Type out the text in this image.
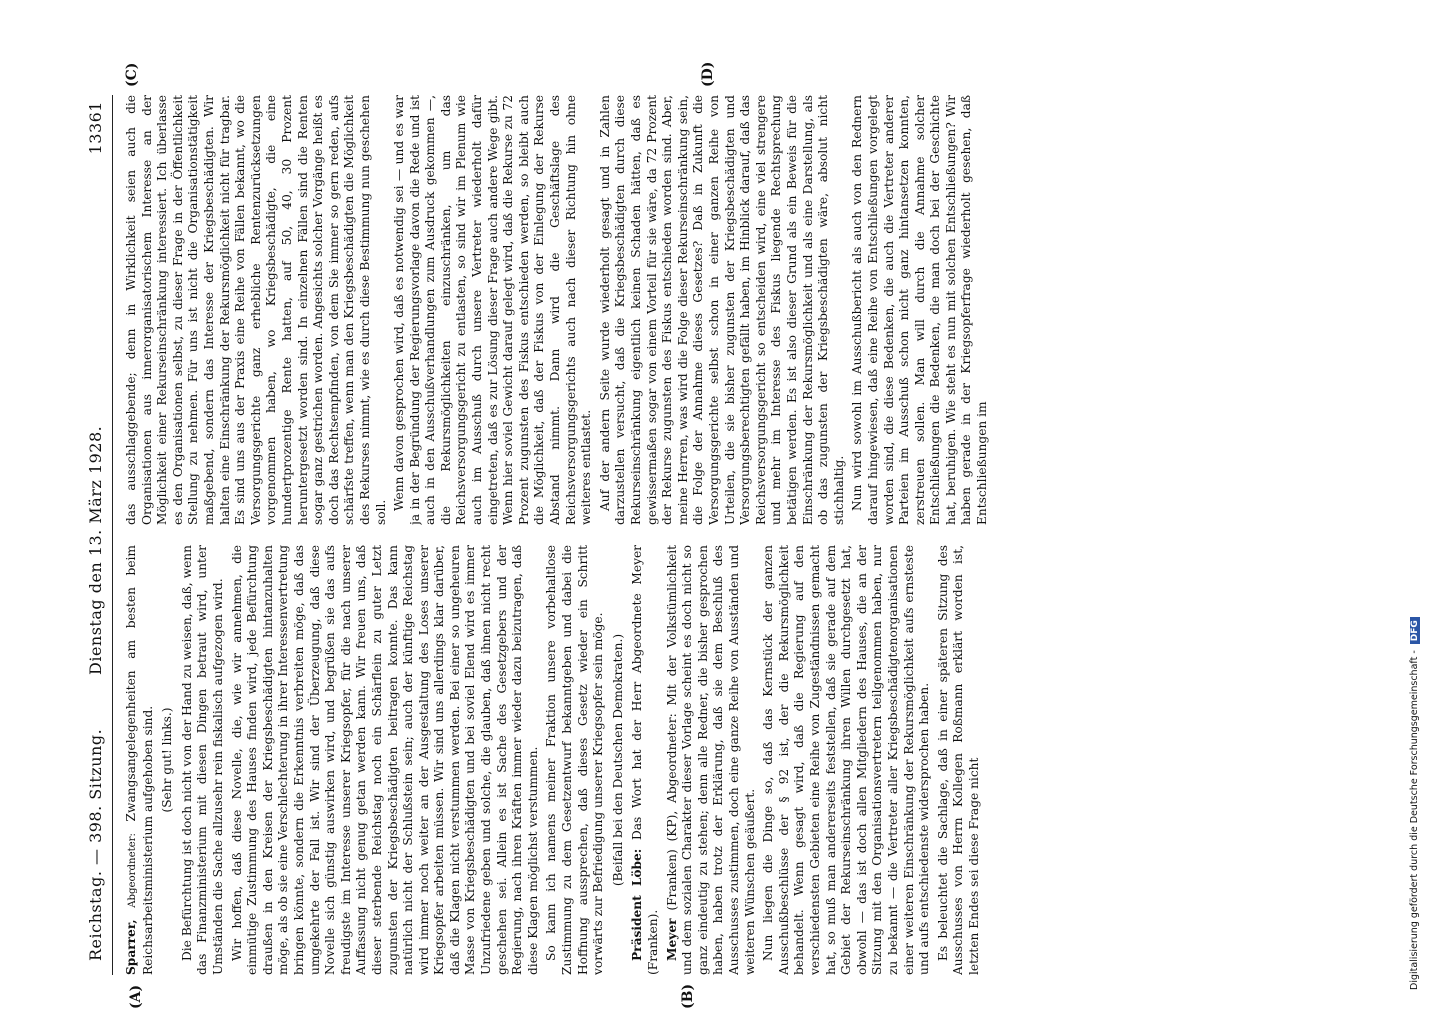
Reichstag. — 398. Sitzung.
Dienstag den 13. März 1928.
13361
(A)	(B)
(C)	(D)

Sparrer, Abgeordneter: Zwangsangelegenheiten am besten beim Reichsarbeitsministerium aufgehoben sind. (Sehr gut! links.) Die Befürchtung ist doch nicht von der Hand zu weisen, daß, wenn das Finanzministerium mit diesen Dingen betraut wird, unter Umständen die Sache allzusehr rein fiskalisch aufgezogen wird. Wir hoffen, daß diese Novelle, die, wie wir annehmen, die einmütige Zustimmung des Hauses finden wird, jede Befürchtung draußen in den Kreisen der Kriegsbeschädigten hintanzuhalten möge, als ob sie eine Verschlechterung in ihrer Interessenvertretung bringen könnte, sondern die Erkenntnis verbreiten möge, daß das umgekehrte der Fall ist. Wir sind der Überzeugung, daß diese Novelle sich günstig auswirken wird, und begrüßen sie das aufs freudigste im Interesse unserer Kriegsopfer, für die nach unserer Auffassung nicht genug getan werden kann. Wir freuen uns, daß dieser sterbende Reichstag noch ein Schärflein zu guter Letzt zugunsten der Kriegsbeschädigten beitragen konnte. Das kann natürlich nicht der Schlußstein sein; auch der künftige Reichstag wird immer noch weiter an der Ausgestaltung des Loses unserer Kriegsopfer arbeiten müssen. Wir sind uns allerdings klar darüber, daß die Klagen nicht verstummen werden. Bei einer so ungeheuren Masse von Kriegsbeschädigten und bei soviel Elend wird es immer Unzufriedene geben und solche, die glauben, daß ihnen nicht recht geschehen sei. Allein es ist Sache des Gesetzgebers und der Regierung, nach ihren Kräften immer wieder dazu beizutragen, daß diese Klagen möglichst verstummen. So kann ich namens meiner Fraktion unsere vorbehaltlose Zustimmung zu dem Gesetzentwurf bekanntgeben und dabei die Hoffnung aussprechen, daß dieses Gesetz wieder ein Schritt vorwärts zur Befriedigung unserer Kriegsopfer sein möge. (Beifall bei den Deutschen Demokraten.)

Präsident Löbe: Das Wort hat der Herr Abgeordnete Meyer (Franken). Meyer (Franken) (KP), Abgeordneter: Mit der Volkstümlichkeit und dem sozialen Charakter dieser Vorlage scheint es doch nicht so ganz eindeutig zu stehen; denn alle Redner, die bisher gesprochen haben, haben trotz der Erklärung, daß sie dem Beschluß des Ausschusses zustimmen, doch eine ganze Reihe von Ausständen und weiteren Wünschen geäußert. Nun liegen die Dinge so, daß das Kernstück der ganzen Ausschußbeschlüsse der § 92 ist, der die Rekursmöglichkeit behandelt. Wenn gesagt wird, daß die Regierung auf den verschiedensten Gebieten eine Reihe von Zugeständnissen gemacht hat, so muß man andererseits feststellen, daß sie gerade auf dem Gebiet der Rekurseinschränkung ihren Willen durchgesetzt hat, obwohl — das ist doch allen Mitgliedern des Hauses, die an der Sitzung mit den Organisationsvertretern teilgenommen haben, nur zu bekannt — die Vertreter aller Kriegsbeschädigtenorganisationen einer weiteren Einschränkung der Rekursmöglichkeit aufs ernsteste und aufs entschiedenste widersprochen haben. Es beleuchtet die Sachlage, daß in einer späteren Sitzung des Ausschusses von Herrn Kollegen Roßmann erklärt worden ist, letzten Endes sei diese Frage nicht

das ausschlaggebende; denn in Wirklichkeit seien auch die Organisationen aus innerorganisatorischem Interesse an der Möglichkeit einer Rekurseinschränkung interessiert. Ich überlasse es den Organisationen selbst, zu dieser Frage in der Öffentlichkeit Stellung zu nehmen. Für uns ist nicht die Organisationstätigkeit maßgebend, sondern das Interesse der Kriegsbeschädigten. Wir halten eine Einschränkung der Rekursmöglichkeit nicht für tragbar. Es sind uns aus der Praxis eine Reihe von Fällen bekannt, wo die Versorgungsgerichte ganz erhebliche Rentenzurücksetzungen vorgenommen haben, wo Kriegsbeschädigte, die eine hundertprozentige Rente hatten, auf 50, 40, 30 Prozent heruntergesetzt worden sind. In einzelnen Fällen sind die Renten sogar ganz gestrichen worden. Angesichts solcher Vorgänge heißt es doch das Rechtsempfinden, von dem Sie immer so gern reden, aufs schärfste treffen, wenn man den Kriegsbeschädigten die Möglichkeit des Rekurses nimmt, wie es durch diese Bestimmung nun geschehen soll.

Wenn davon gesprochen wird, daß es notwendig sei — und es war ja in der Begründung der Regierungsvorlage davon die Rede und ist auch in den Ausschußverhandlungen zum Ausdruck gekommen —, die Rekursmöglichkeiten einzuschränken, um das Reichsversorgungsgericht zu entlasten, so sind wir im Plenum wie auch im Ausschuß durch unsere Vertreter wiederholt dafür eingetreten, daß es zur Lösung dieser Frage auch andere Wege gibt. Wenn hier soviel Gewicht darauf gelegt wird, daß die Rekurse zu 72 Prozent zugunsten des Fiskus entschieden werden, so bleibt auch die Möglichkeit, daß der Fiskus von der Einlegung der Rekurse Abstand nimmt. Dann wird die Geschäftslage des Reichsversorgungsgerichts auch nach dieser Richtung hin ohne weiteres entlastet. Auf der andern Seite wurde wiederholt gesagt und in Zahlen darzustellen versucht, daß die Kriegsbeschädigten durch diese Rekurseinschränkung eigentlich keinen Schaden hätten, daß es gewissermaßen sogar von einem Vorteil für sie wäre, da 72 Prozent der Rekurse zugunsten des Fiskus entschieden worden sind. Aber, meine Herren, was wird die Folge dieser Rekurseinschränkung sein, die Folge der Annahme dieses Gesetzes? Daß in Zukunft die Versorgungsgerichte selbst schon in einer ganzen Reihe von Urteilen, die sie bisher zugunsten der Kriegsbeschädigten und Versorgungsberechtigten gefällt haben, im Hinblick darauf, daß das Reichsversorgungsgericht so entscheiden wird, eine viel strengere und mehr im Interesse des Fiskus liegende Rechtsprechung betätigen werden. Es ist also dieser Grund als ein Beweis für die Einschränkung der Rekursmöglichkeit und als eine Darstellung, als ob das zugunsten der Kriegsbeschädigten wäre, absolut nicht stichhaltig. Nun wird sowohl im Ausschußbericht als auch von den Rednern darauf hingewiesen, daß eine Reihe von Entschließungen vorgelegt worden sind, die diese Bedenken, die auch die Vertreter anderer Parteien im Ausschuß schon nicht ganz hintansetzen konnten, zerstreuen sollen. Man will durch die Annahme solcher Entschließungen die Bedenken, die man doch bei der Geschichte hat, beruhigen. Wie steht es nun mit solchen Entschließungen? Wir haben gerade in der Kriegsopferfrage wiederholt gesehen, daß Entschließungen im

Digitalisierung gefördert durch die Deutsche Forschungsgemeinschaft -DFG
